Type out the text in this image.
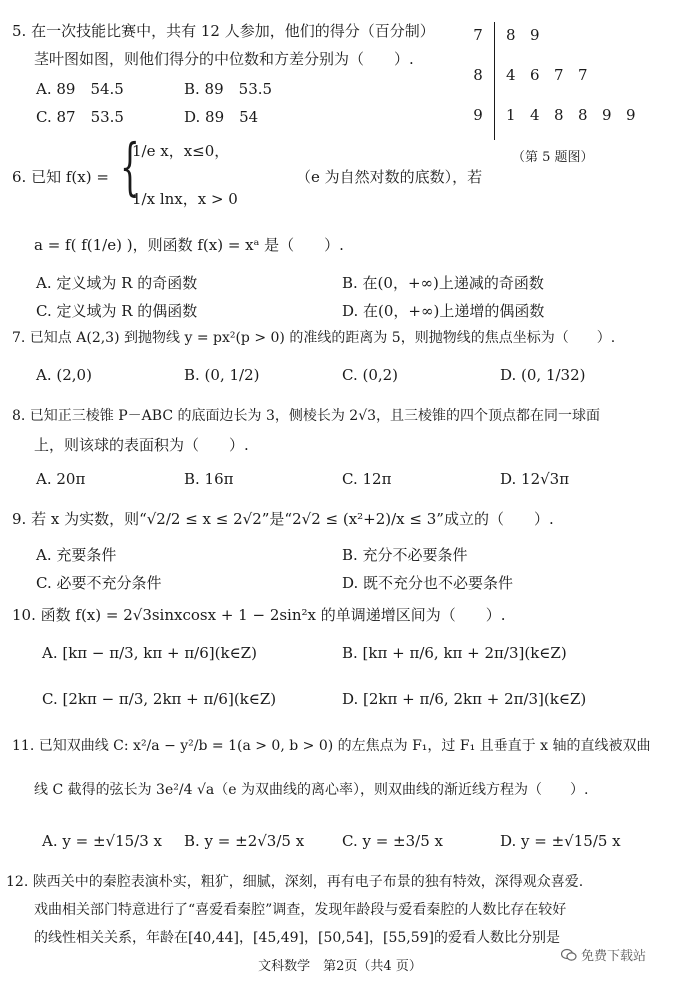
5. 在一次技能比赛中，共有 12 人参加，他们的得分（百分制）
茎叶图如图，则他们得分的中位数和方差分别为（　　）.
A. 89　54.5	B. 89　53.5
C. 87　53.5	D. 89　54
7 8 9
8 4 6 7 7
9 1 4 8 8 9 9
（第 5 题图）
6. 已知 f(x) = {
1/e x，x≤0，
1/x lnx，x > 0
（e 为自然对数的底数），若
a = f( f(1/e) )，则函数 f(x) = xᵃ 是（　　）.
A. 定义域为 R 的奇函数	B. 在(0，+∞)上递减的奇函数
C. 定义域为 R 的偶函数	D. 在(0，+∞)上递增的偶函数
7. 已知点 A(2,3) 到抛物线 y = px²(p > 0) 的准线的距离为 5，则抛物线的焦点坐标为（　　）.
A. (2,0)	B. (0, 1/2)	C. (0,2)	D. (0, 1/32)
8. 已知正三棱锥 P－ABC 的底面边长为 3，侧棱长为 2√3，且三棱锥的四个顶点都在同一球面
上，则该球的表面积为（　　）.
A. 20π	B. 16π	C. 12π	D. 12√3π
9. 若 x 为实数，则“√2/2 ≤ x ≤ 2√2”是“2√2 ≤ (x²+2)/x ≤ 3”成立的（　　）.
A. 充要条件	B. 充分不必要条件
C. 必要不充分条件	D. 既不充分也不必要条件
10. 函数 f(x) = 2√3sinxcosx + 1 − 2sin²x 的单调递增区间为（　　）.
A. [kπ − π/3, kπ + π/6](k∈Z)	B. [kπ + π/6, kπ + 2π/3](k∈Z)
C. [2kπ − π/3, 2kπ + π/6](k∈Z)	D. [2kπ + π/6, 2kπ + 2π/3](k∈Z)
11. 已知双曲线 C: x²/a − y²/b = 1(a > 0, b > 0) 的左焦点为 F₁，过 F₁ 且垂直于 x 轴的直线被双曲
线 C 截得的弦长为 3e²/4 √a（e 为双曲线的离心率），则双曲线的渐近线方程为（　　）.
A. y = ±√15/3 x B. y = ±2√3/5 x	C. y = ±3/5 x	D. y = ±√15/5 x
12. 陕西关中的秦腔表演朴实，粗犷，细腻，深刻，再有电子布景的独有特效，深得观众喜爱.
戏曲相关部门特意进行了“喜爱看秦腔”调查，发现年龄段与爱看秦腔的人数比存在较好
的线性相关关系，年龄在[40,44]，[45,49]，[50,54]，[55,59]的爱看人数比分别是
文科数学　第2页（共4 页）
免费下载站
